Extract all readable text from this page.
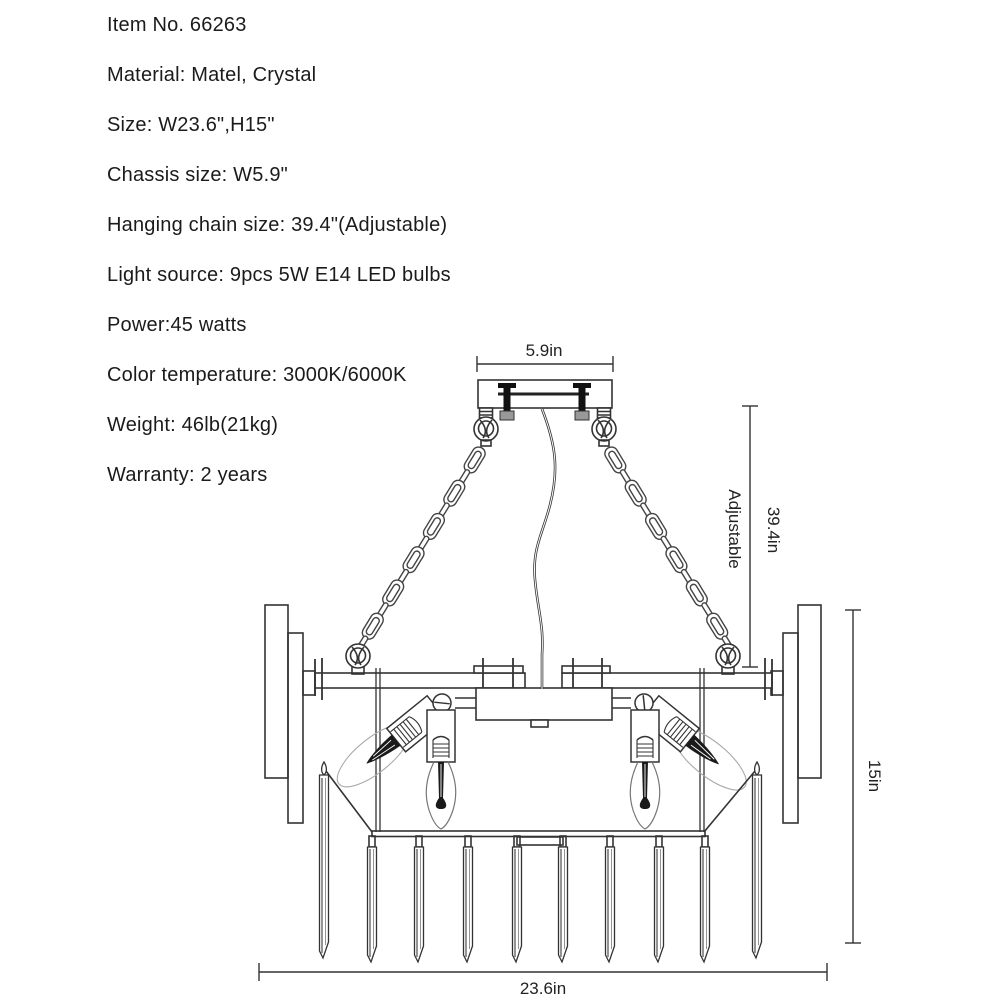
Item No. 66263
Material: Matel, Crystal
Size: W23.6",H15"
Chassis size: W5.9"
Hanging chain size: 39.4"(Adjustable)
Light source: 9pcs 5W E14 LED bulbs
Power:45 watts
Color temperature: 3000K/6000K
Weight: 46lb(21kg)
Warranty: 2 years
5.9in
Adjustable 39.4in
15in
23.6in
